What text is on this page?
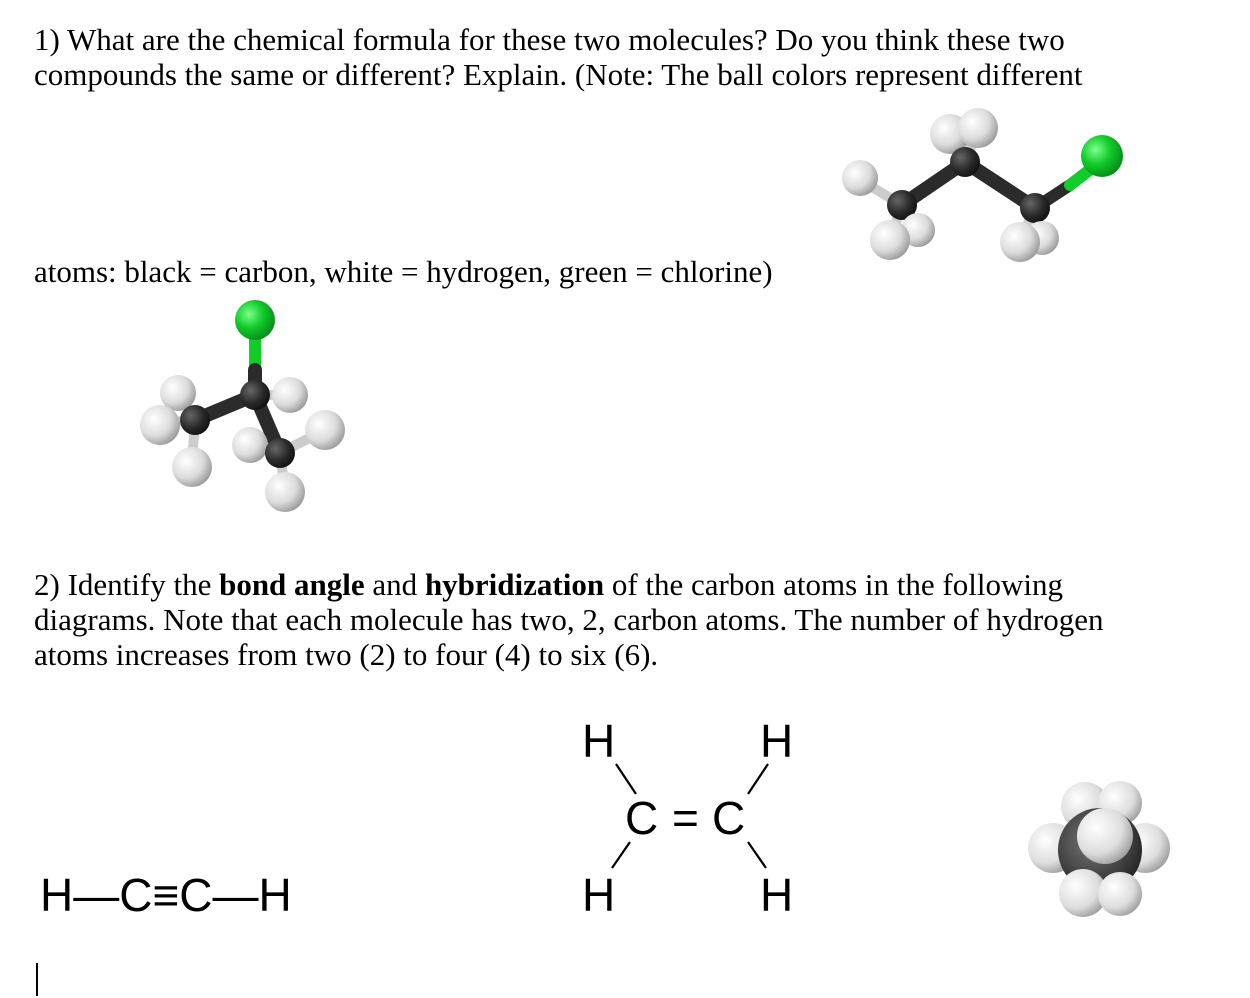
1) What are the chemical formula for these two molecules? Do you think these two

compounds the same or different? Explain. (Note: The ball colors represent different

atoms: black = carbon, white = hydrogen, green = chlorine)

2) Identify the bond angle and hybridization of the carbon atoms in the following

diagrams. Note that each molecule has two, 2, carbon atoms. The number of hydrogen

atoms increases from two (2) to four (4) to six (6).

H—C≡C—H
H	H
C = C
H	H
